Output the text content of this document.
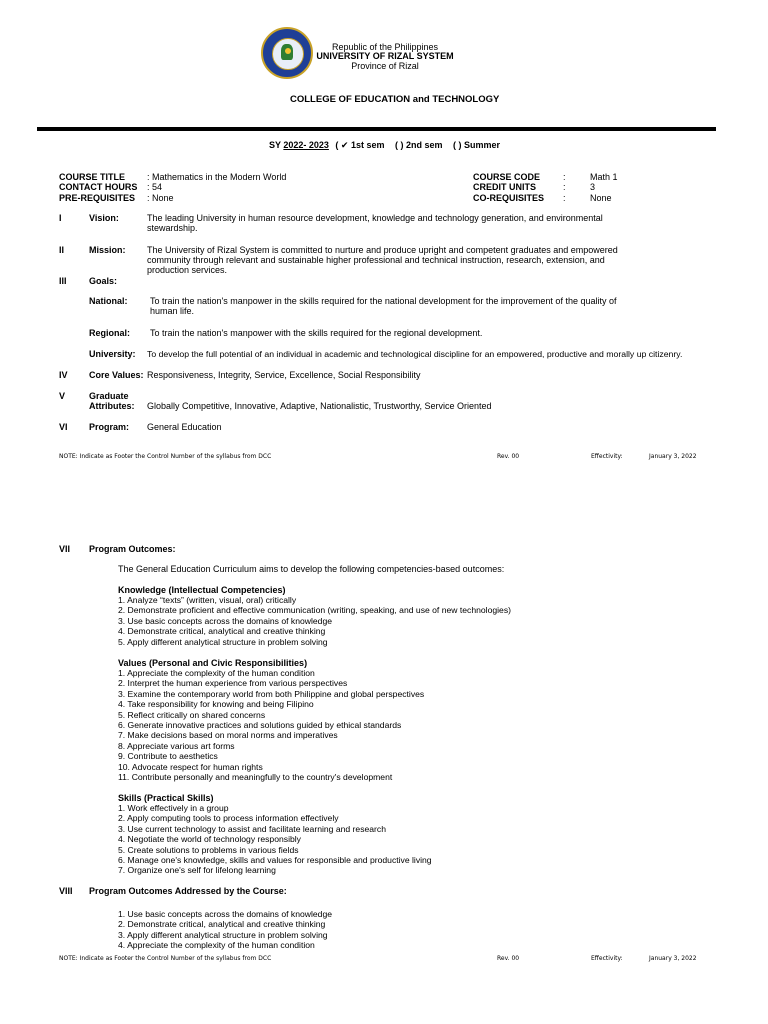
Republic of the Philippines
UNIVERSITY OF RIZAL SYSTEM
Province of Rizal
COLLEGE OF EDUCATION and TECHNOLOGY
SY 2022- 2023 ( ✔ 1st sem ( ) 2nd sem ( ) Summer
COURSE TITLE : Mathematics in the Modern World
CONTACT HOURS : 54
PRE-REQUISITES : None
COURSE CODE	:	Math 1
CREDIT UNITS	:	3
CO-REQUISITES :	None
I	Vision:	The leading University in human resource development, knowledge and technology generation, and environmental stewardship.
II	Mission: The University of Rizal System is committed to nurture and produce upright and competent graduates and empowered community through relevant and sustainable higher professional and technical instruction, research, extension, and production services.
III Goals:
National: To train the nation's manpower in the skills required for the national development for the improvement of the quality of human life.
Regional: To train the nation's manpower with the skills required for the regional development.
University: To develop the full potential of an individual in academic and technological discipline for an empowered, productive and morally up citizenry.
IV Core Values: Responsiveness, Integrity, Service, Excellence, Social Responsibility
V	Graduate
Attributes: Globally Competitive, Innovative, Adaptive, Nationalistic, Trustworthy, Service Oriented
VI Program: General Education
NOTE: Indicate as Footer the Control Number of the syllabus from DCC	Rev. 00	Effectivity:	January 3, 2022
VII Program Outcomes:
The General Education Curriculum aims to develop the following competencies-based outcomes:
Knowledge (Intellectual Competencies)
1. Analyze “texts” (written, visual, oral) critically
2. Demonstrate proficient and effective communication (writing, speaking, and use of new technologies)
3. Use basic concepts across the domains of knowledge
4. Demonstrate critical, analytical and creative thinking
5. Apply different analytical structure in problem solving
Values (Personal and Civic Responsibilities)
1. Appreciate the complexity of the human condition
2. Interpret the human experience from various perspectives
3. Examine the contemporary world from both Philippine and global perspectives
4. Take responsibility for knowing and being Filipino
5. Reflect critically on shared concerns
6. Generate innovative practices and solutions guided by ethical standards
7. Make decisions based on moral norms and imperatives
8. Appreciate various art forms
9. Contribute to aesthetics
10. Advocate respect for human rights
11. Contribute personally and meaningfully to the country's development
Skills (Practical Skills)
1. Work effectively in a group
2. Apply computing tools to process information effectively
3. Use current technology to assist and facilitate learning and research
4. Negotiate the world of technology responsibly
5. Create solutions to problems in various fields
6. Manage one's knowledge, skills and values for responsible and productive living
7. Organize one's self for lifelong learning
VIII Program Outcomes Addressed by the Course:
1. Use basic concepts across the domains of knowledge
2. Demonstrate critical, analytical and creative thinking
3. Apply different analytical structure in problem solving
4. Appreciate the complexity of the human condition
NOTE: Indicate as Footer the Control Number of the syllabus from DCC	Rev. 00	Effectivity:	January 3, 2022
